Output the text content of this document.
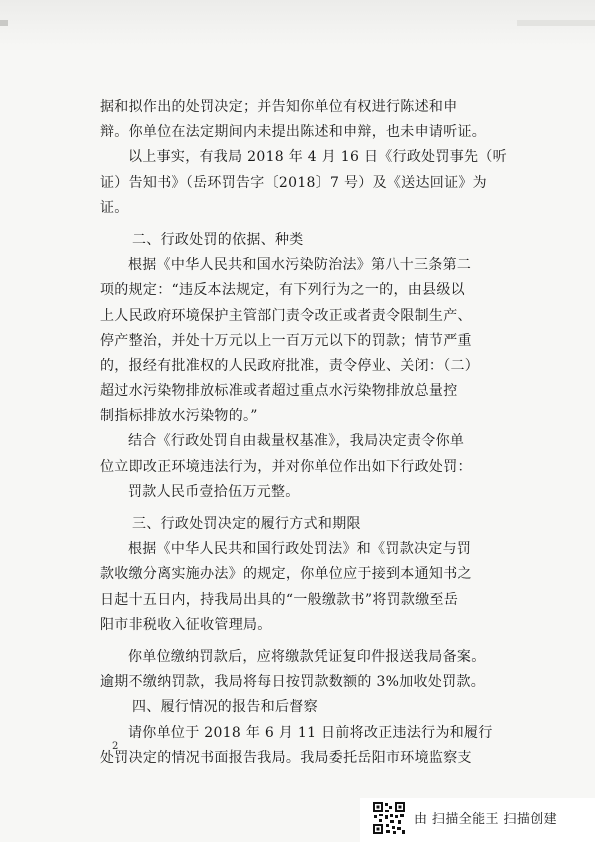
据和拟作出的处罚决定；并告知你单位有权进行陈述和申
辩。你单位在法定期间内未提出陈述和申辩，也未申请听证。
以上事实，有我局 2018 年 4 月 16 日《行政处罚事先（听
证）告知书》（岳环罚告字〔2018〕7 号）及《送达回证》为
证。
二、行政处罚的依据、种类
根据《中华人民共和国水污染防治法》第八十三条第二
项的规定：“违反本法规定，有下列行为之一的，由县级以
上人民政府环境保护主管部门责令改正或者责令限制生产、
停产整治，并处十万元以上一百万元以下的罚款；情节严重
的，报经有批准权的人民政府批准，责令停业、关闭：（二）
超过水污染物排放标准或者超过重点水污染物排放总量控
制指标排放水污染物的。”
结合《行政处罚自由裁量权基准》，我局决定责令你单
位立即改正环境违法行为，并对你单位作出如下行政处罚：
罚款人民币壹拾伍万元整。
三、行政处罚决定的履行方式和期限
根据《中华人民共和国行政处罚法》和《罚款决定与罚
款收缴分离实施办法》的规定，你单位应于接到本通知书之
日起十五日内，持我局出具的“一般缴款书”将罚款缴至岳
阳市非税收入征收管理局。
你单位缴纳罚款后，应将缴款凭证复印件报送我局备案。
逾期不缴纳罚款，我局将每日按罚款数额的 3%加收处罚款。
四、履行情况的报告和后督察
请你单位于 2018 年 6 月 11 日前将改正违法行为和履行
处罚决定的情况书面报告我局。我局委托岳阳市环境监察支
2
由 扫描全能王 扫描创建
